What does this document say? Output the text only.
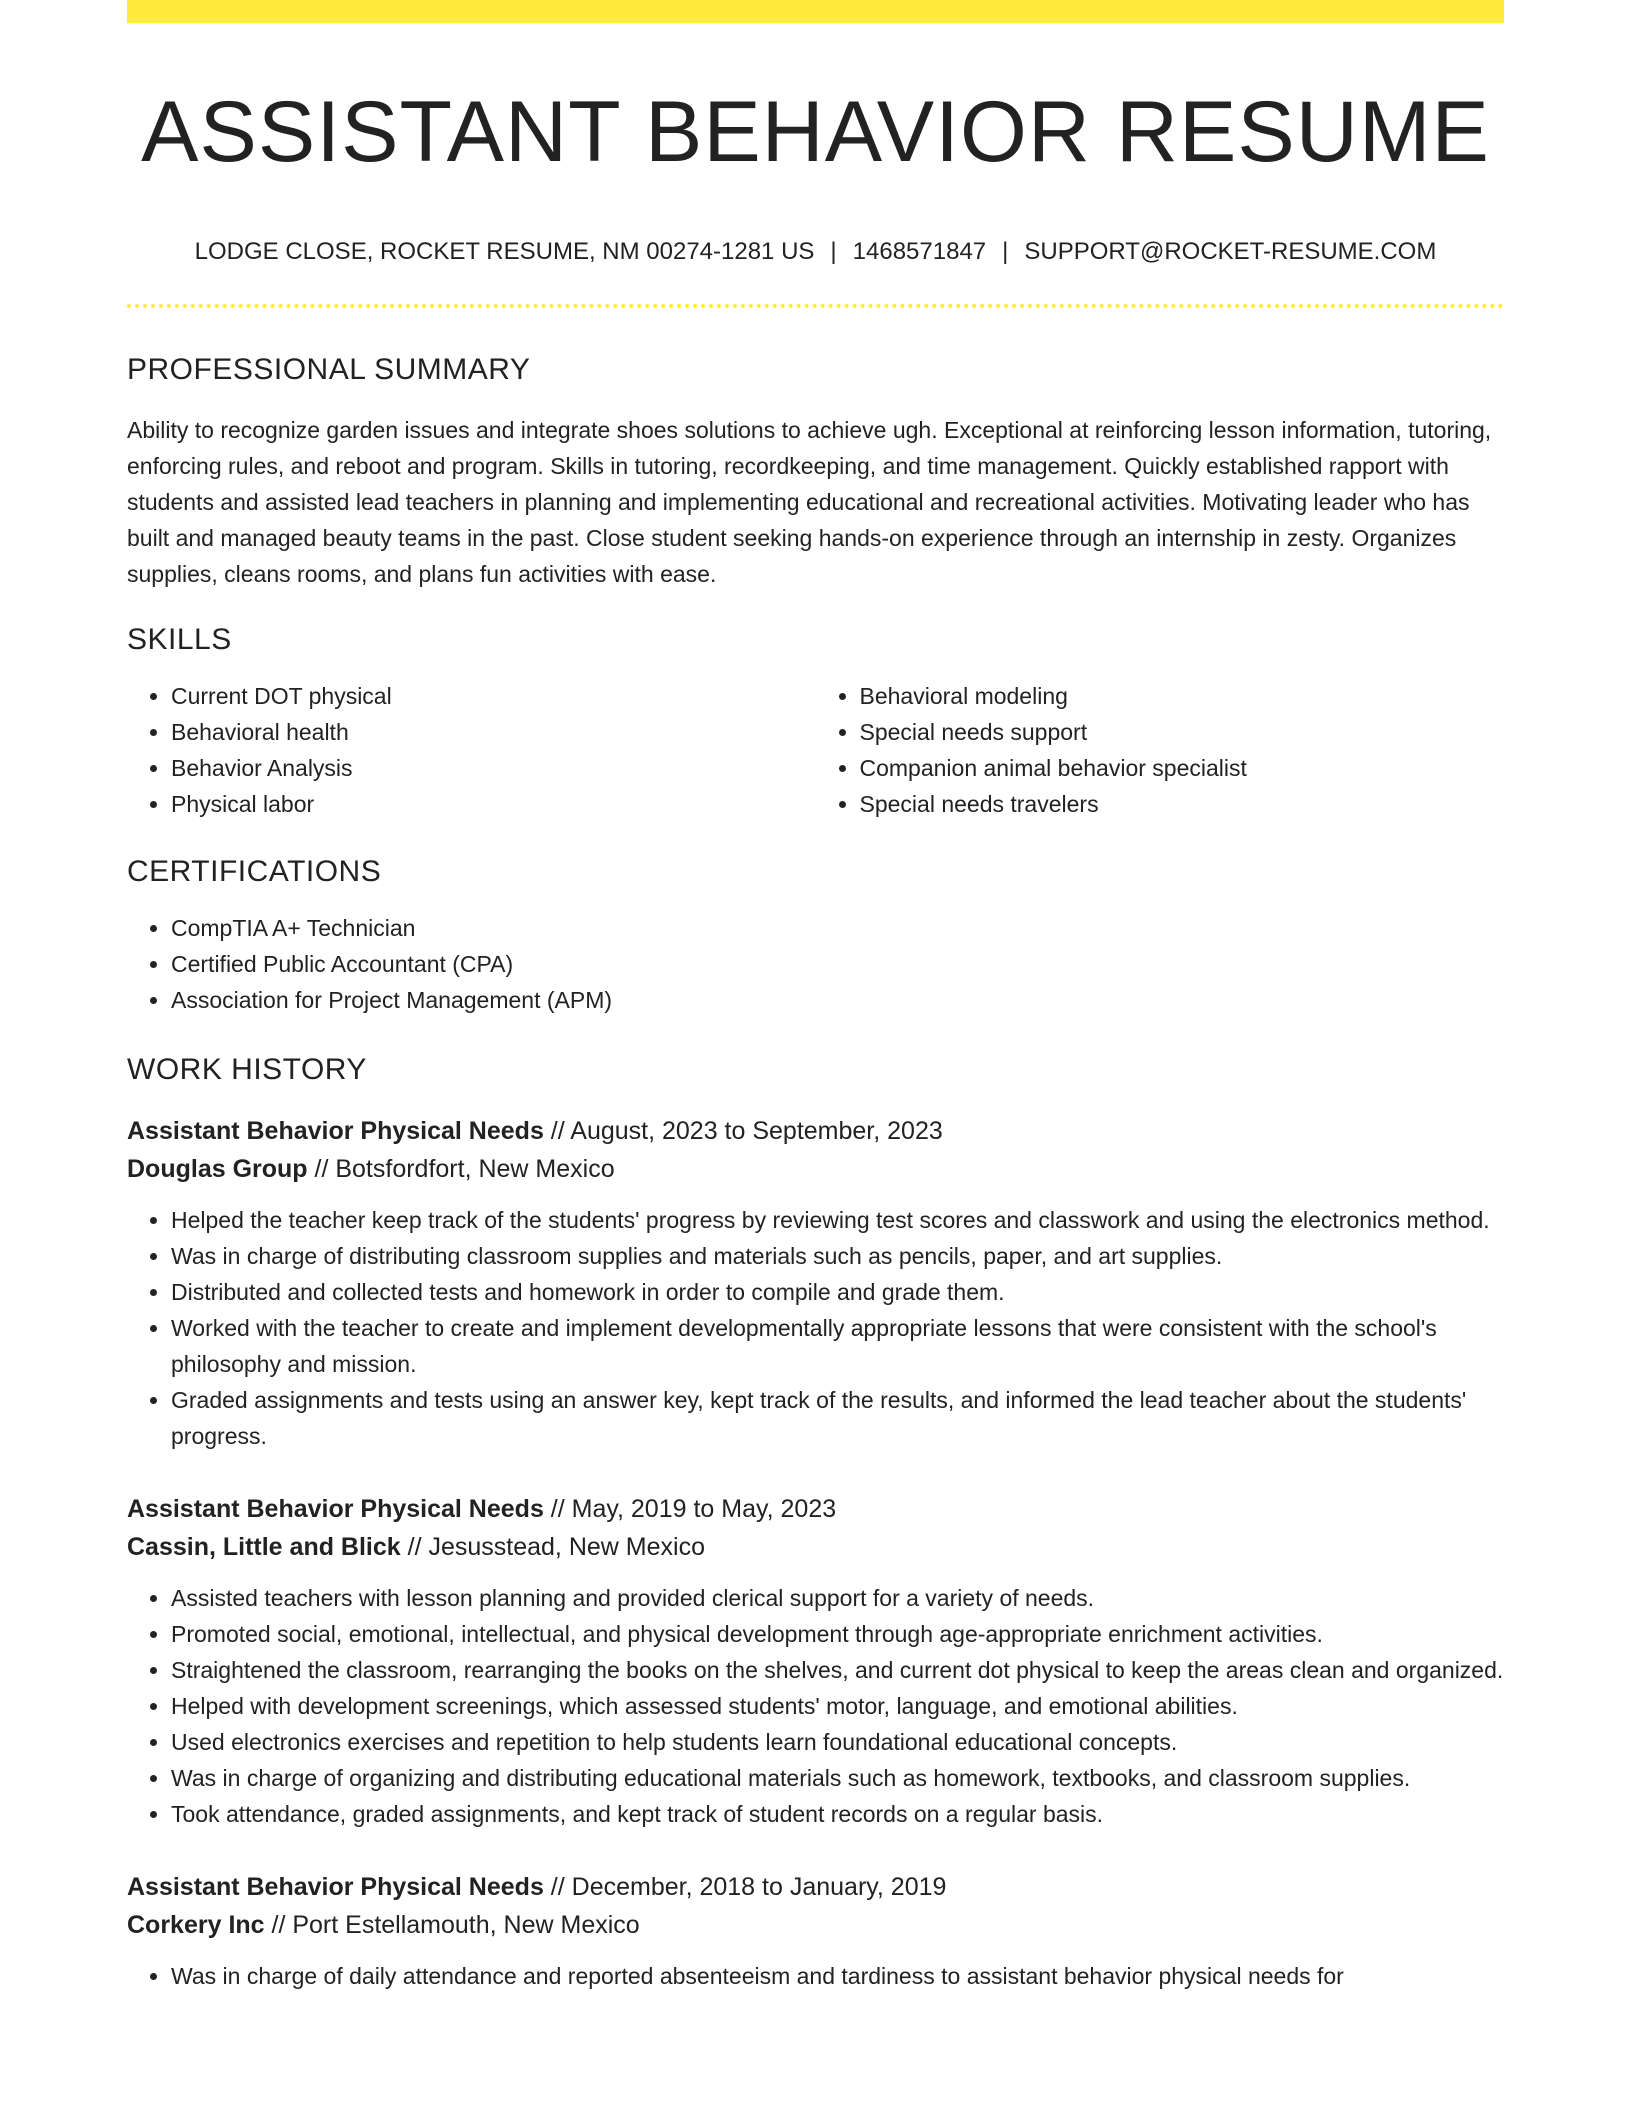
ASSISTANT BEHAVIOR RESUME
LODGE CLOSE, ROCKET RESUME, NM 00274-1281 US | 1468571847 | SUPPORT@ROCKET-RESUME.COM
PROFESSIONAL SUMMARY

Ability to recognize garden issues and integrate shoes solutions to achieve ugh. Exceptional at reinforcing lesson information, tutoring, enforcing rules, and reboot and program. Skills in tutoring, recordkeeping, and time management. Quickly established rapport with students and assisted lead teachers in planning and implementing educational and recreational activities. Motivating leader who has built and managed beauty teams in the past. Close student seeking hands-on experience through an internship in zesty. Organizes supplies, cleans rooms, and plans fun activities with ease.

SKILLS
• Current DOT physical
• Behavioral health
• Behavior Analysis
• Physical labor
• Behavioral modeling
• Special needs support
• Companion animal behavior specialist
• Special needs travelers
CERTIFICATIONS
• CompTIA A+ Technician
• Certified Public Accountant (CPA)
• Association for Project Management (APM)
WORK HISTORY
Assistant Behavior Physical Needs // August, 2023 to September, 2023
Douglas Group // Botsfordfort, New Mexico
• Helped the teacher keep track of the students' progress by reviewing test scores and classwork and using the electronics method.
• Was in charge of distributing classroom supplies and materials such as pencils, paper, and art supplies.
• Distributed and collected tests and homework in order to compile and grade them.
• Worked with the teacher to create and implement developmentally appropriate lessons that were consistent with the school's philosophy and mission.
• Graded assignments and tests using an answer key, kept track of the results, and informed the lead teacher about the students' progress.
Assistant Behavior Physical Needs // May, 2019 to May, 2023
Cassin, Little and Blick // Jesusstead, New Mexico
• Assisted teachers with lesson planning and provided clerical support for a variety of needs.
• Promoted social, emotional, intellectual, and physical development through age-appropriate enrichment activities.
• Straightened the classroom, rearranging the books on the shelves, and current dot physical to keep the areas clean and organized.
• Helped with development screenings, which assessed students' motor, language, and emotional abilities.
• Used electronics exercises and repetition to help students learn foundational educational concepts.
• Was in charge of organizing and distributing educational materials such as homework, textbooks, and classroom supplies.
• Took attendance, graded assignments, and kept track of student records on a regular basis.
Assistant Behavior Physical Needs // December, 2018 to January, 2019
Corkery Inc // Port Estellamouth, New Mexico
• Was in charge of daily attendance and reported absenteeism and tardiness to assistant behavior physical needs for
